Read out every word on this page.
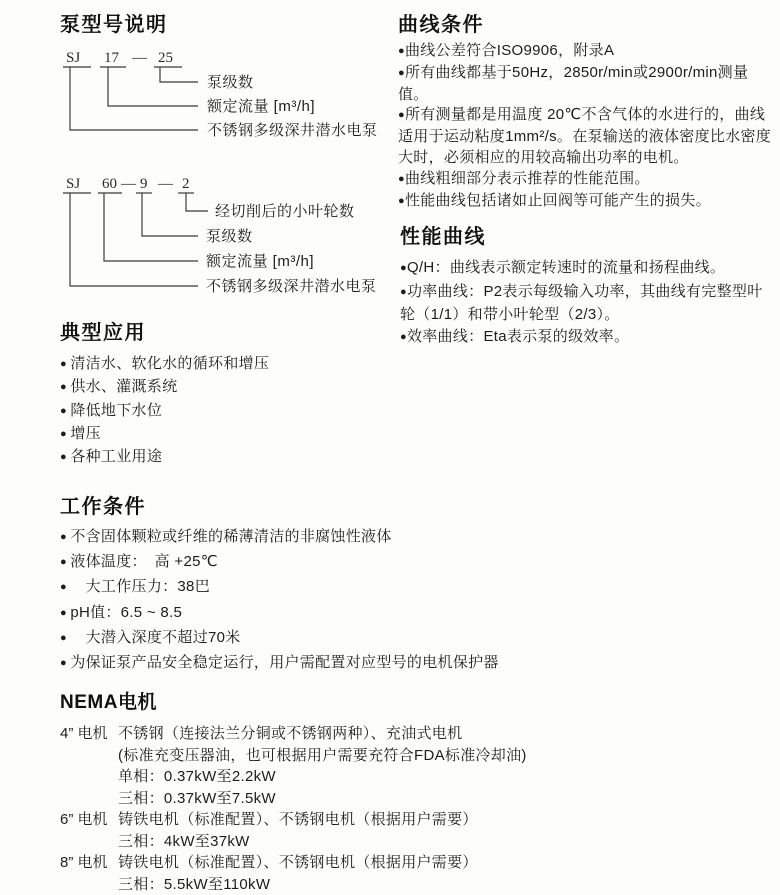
泵型号说明
SJ 17 — 25
泵级数
额定流量 [m³/h]
不锈钢多级深井潜水电泵
SJ 60 — 9 — 2
经切削后的小叶轮数
泵级数
额定流量 [m³/h]
不锈钢多级深井潜水电泵
曲线条件
● 曲线公差符合ISO9906，附录A
● 所有曲线都基于50Hz，2850r/min或2900r/min测量值。
● 所有测量都是用温度 20℃不含气体的水进行的，曲线适用于运动粘度1mm²/s。在泵输送的液体密度比水密度大时，必须相应的用较高输出功率的电机。
● 曲线粗细部分表示推荐的性能范围。
● 性能曲线包括诸如止回阀等可能产生的损失。
性能曲线
● Q/H：曲线表示额定转速时的流量和扬程曲线。
● 功率曲线：P2表示每级输入功率，其曲线有完整型叶轮（1/1）和带小叶轮型（2/3）。
● 效率曲线：Eta表示泵的级效率。
典型应用
● 清洁水、软化水的循环和增压
● 供水、灌溉系统
● 降低地下水位
● 增压
● 各种工业用途
工作条件
● 不含固体颗粒或纤维的稀薄清洁的非腐蚀性液体
● 液体温度：　高 +25℃
● 　大工作压力：38巴
● pH值：6.5 ~ 8.5
● 　大潜入深度不超过70米
● 为保证泵产品安全稳定运行，用户需配置对应型号的电机保护器
NEMA电机
4” 电机 不锈钢（连接法兰分铜或不锈钢两种）、充油式电机
(标准充变压器油，也可根据用户需要充符合FDA标准冷却油)
单相：0.37kW至2.2kW
三相：0.37kW至7.5kW
6” 电机 铸铁电机（标准配置）、不锈钢电机（根据用户需要）
三相：4kW至37kW
8” 电机 铸铁电机（标准配置）、不锈钢电机（根据用户需要）
三相：5.5kW至110kW
